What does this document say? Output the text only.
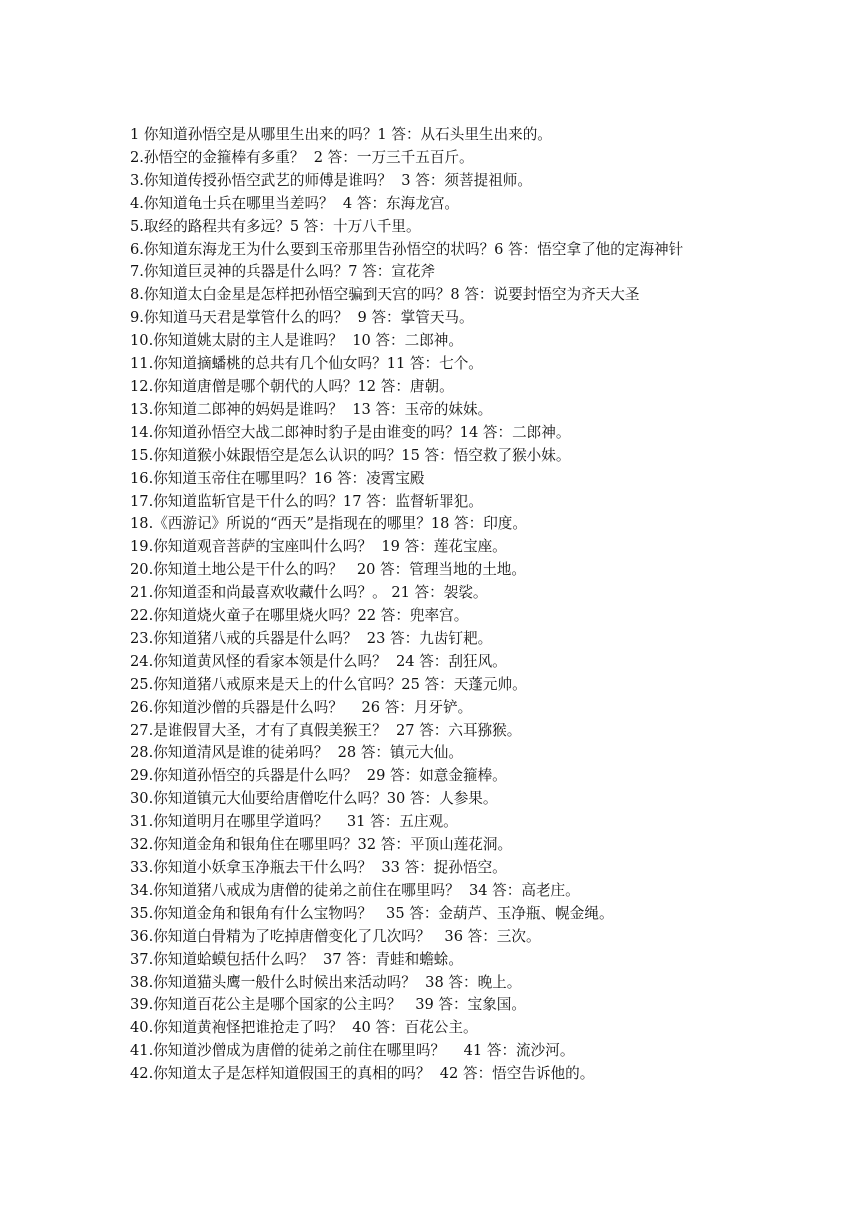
1 你知道孙悟空是从哪里生出来的吗？1 答：从石头里生出来的。

2.孙悟空的金箍棒有多重？  2 答：一万三千五百斤。

3.你知道传授孙悟空武艺的师傅是谁吗？  3 答：须菩提祖师。

4.你知道龟士兵在哪里当差吗？  4 答：东海龙宫。

5.取经的路程共有多远？5 答：十万八千里。

6.你知道东海龙王为什么要到玉帝那里告孙悟空的状吗？6 答：悟空拿了他的定海神针

7.你知道巨灵神的兵器是什么吗？7 答：宣花斧

8.你知道太白金星是怎样把孙悟空骗到天宫的吗？8 答：说要封悟空为齐天大圣

9.你知道马天君是掌管什么的吗？  9 答：掌管天马。

10.你知道姚太尉的主人是谁吗？  10 答：二郎神。

11.你知道摘蟠桃的总共有几个仙女吗？11 答：七个。

12.你知道唐僧是哪个朝代的人吗？12 答：唐朝。

13.你知道二郎神的妈妈是谁吗？  13 答：玉帝的妹妹。

14.你知道孙悟空大战二郎神时豹子是由谁变的吗？14 答：二郎神。

15.你知道猴小妹跟悟空是怎么认识的吗？15 答：悟空救了猴小妹。

16.你知道玉帝住在哪里吗？16 答：凌霄宝殿

17.你知道监斩官是干什么的吗？17 答：监督斩罪犯。

18.《西游记》所说的“西天”是指现在的哪里？18 答：印度。

19.你知道观音菩萨的宝座叫什么吗？  19 答：莲花宝座。

20.你知道土地公是干什么的吗？   20 答：管理当地的土地。

21.你知道歪和尚最喜欢收藏什么吗？。 21 答：袈裟。

22.你知道烧火童子在哪里烧火吗？22 答：兜率宫。

23.你知道猪八戒的兵器是什么吗？  23 答：九齿钉耙。

24.你知道黄风怪的看家本领是什么吗？  24 答：刮狂风。

25.你知道猪八戒原来是天上的什么官吗？25 答：天蓬元帅。

26.你知道沙僧的兵器是什么吗？    26 答：月牙铲。

27.是谁假冒大圣，才有了真假美猴王？  27 答：六耳猕猴。

28.你知道清风是谁的徒弟吗？  28 答：镇元大仙。

29.你知道孙悟空的兵器是什么吗？  29 答：如意金箍棒。

30.你知道镇元大仙要给唐僧吃什么吗？30 答：人参果。

31.你知道明月在哪里学道吗？    31 答：五庄观。

32.你知道金角和银角住在哪里吗？32 答：平顶山莲花洞。

33.你知道小妖拿玉净瓶去干什么吗？  33 答：捉孙悟空。

34.你知道猪八戒成为唐僧的徒弟之前住在哪里吗？  34 答：高老庄。

35.你知道金角和银角有什么宝物吗？   35 答：金葫芦、玉净瓶、幌金绳。

36.你知道白骨精为了吃掉唐僧变化了几次吗？   36 答：三次。

37.你知道蛤蟆包括什么吗？  37 答：青蛙和蟾蜍。

38.你知道猫头鹰一般什么时候出来活动吗？  38 答：晚上。

39.你知道百花公主是哪个国家的公主吗？   39 答：宝象国。

40.你知道黄袍怪把谁抢走了吗？  40 答：百花公主。

41.你知道沙僧成为唐僧的徒弟之前住在哪里吗？    41 答：流沙河。

42.你知道太子是怎样知道假国王的真相的吗？  42 答：悟空告诉他的。
